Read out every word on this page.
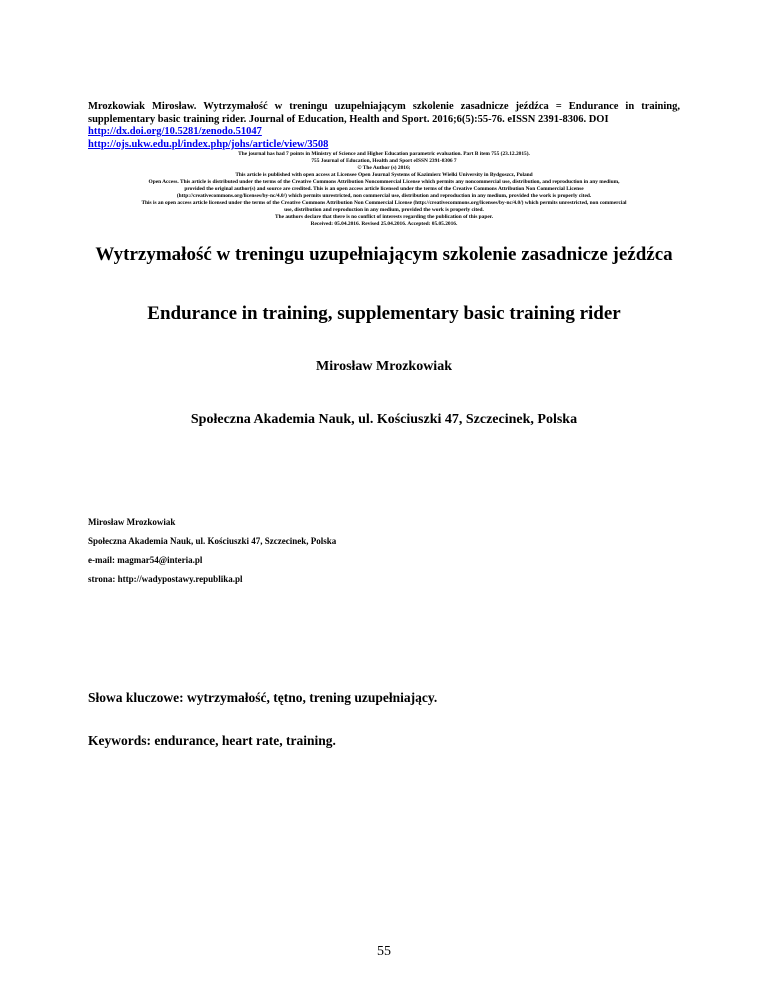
Mrozkowiak Mirosław. Wytrzymałość w treningu uzupełniającym szkolenie zasadnicze jeźdźca = Endurance in training, supplementary basic training rider. Journal of Education, Health and Sport. 2016;6(5):55-76. eISSN 2391-8306. DOI
http://dx.doi.org/10.5281/zenodo.51047
http://ojs.ukw.edu.pl/index.php/johs/article/view/3508
The journal has had 7 points in Ministry of Science and Higher Education parametric evaluation. Part B item 755 (23.12.2015).
755 Journal of Education, Health and Sport eISSN 2391-8306 7
© The Author (s) 2016;
This article is published with open access at Licensee Open Journal Systems of Kazimierz Wielki University in Bydgoszcz, Poland
Open Access. This article is distributed under the terms of the Creative Commons Attribution Noncommercial License which permits any noncommercial use, distribution, and reproduction in any medium,
provided the original author(s) and source are credited. This is an open access article licensed under the terms of the Creative Commons Attribution Non Commercial License
(http://creativecommons.org/licenses/by-nc/4.0/) which permits unrestricted, non commercial use, distribution and reproduction in any medium, provided the work is properly cited.
This is an open access article licensed under the terms of the Creative Commons Attribution Non Commercial License (http://creativecommons.org/licenses/by-nc/4.0/) which permits unrestricted, non commercial
use, distribution and reproduction in any medium, provided the work is properly cited.
The authors declare that there is no conflict of interests regarding the publication of this paper.
Received: 05.04.2016. Revised 25.04.2016. Accepted: 05.05.2016.
Wytrzymałość w treningu uzupełniającym szkolenie zasadnicze jeźdźca
Endurance in training, supplementary basic training rider
Mirosław Mrozkowiak
Społeczna Akademia Nauk, ul. Kościuszki 47, Szczecinek, Polska
Mirosław Mrozkowiak
Społeczna Akademia Nauk, ul. Kościuszki 47, Szczecinek, Polska
e-mail: magmar54@interia.pl
strona: http://wadypostawy.republika.pl
Słowa kluczowe: wytrzymałość, tętno, trening uzupełniający.
Keywords: endurance, heart rate, training.
55
